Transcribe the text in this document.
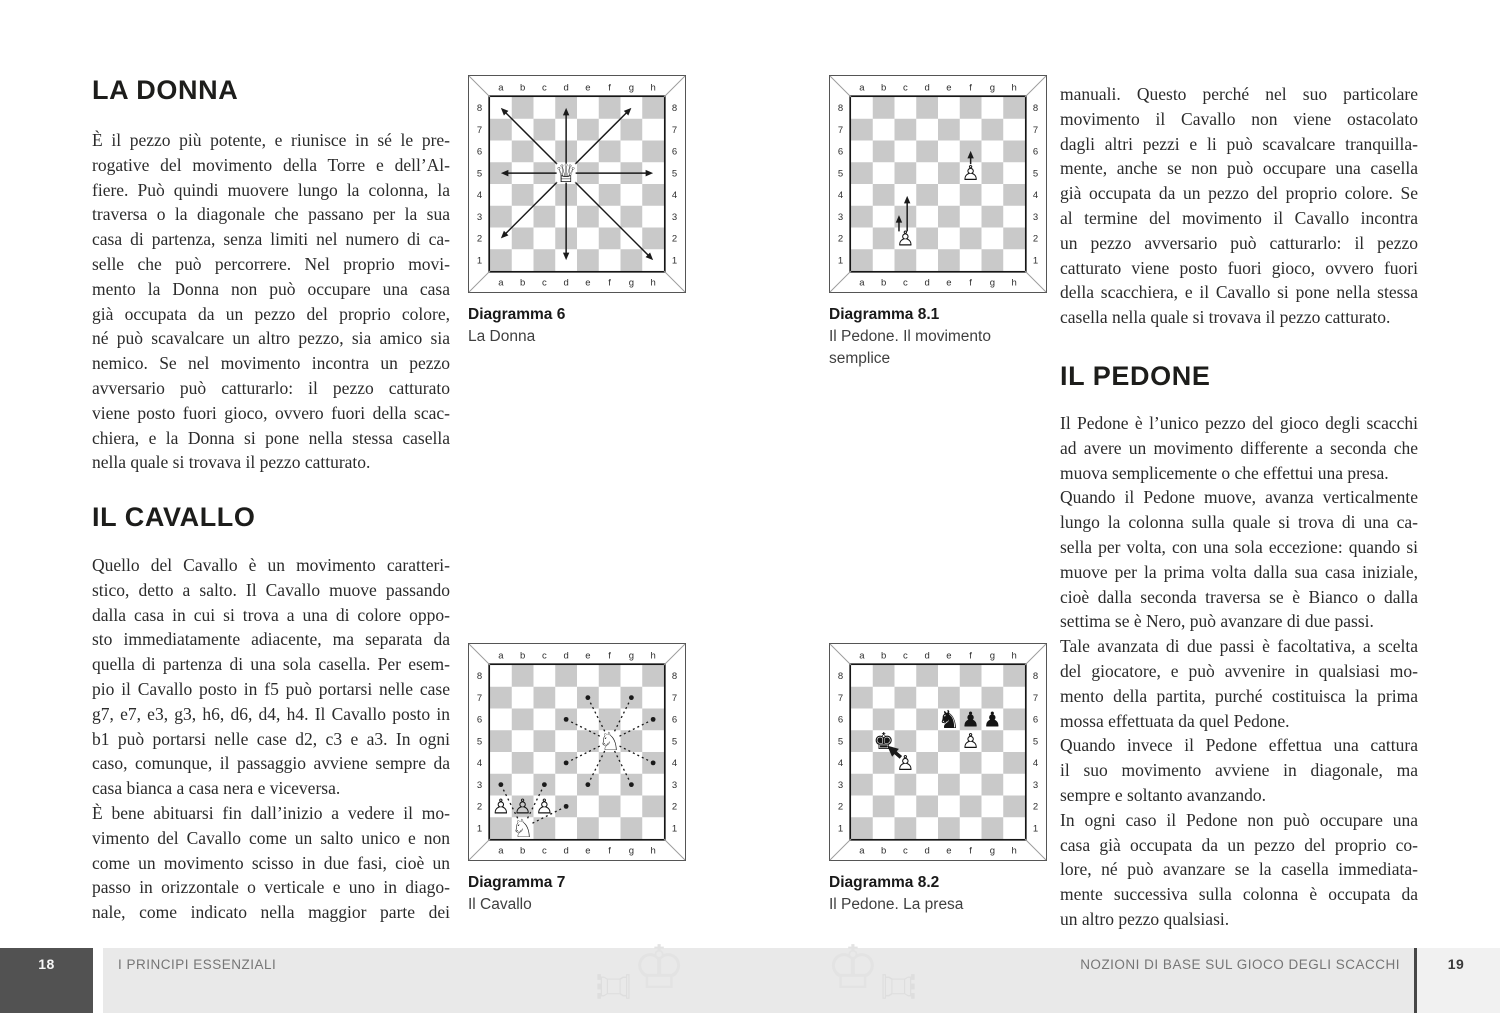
LA DONNA
È il pezzo più potente, e riunisce in sé le pre-
rogative del movimento della Torre e dell’Al-
fiere. Può quindi muovere lungo la colonna, la
traversa o la diagonale che passano per la sua
casa di partenza, senza limiti nel numero di ca-
selle che può percorrere. Nel proprio movi-
mento la Donna non può occupare una casa
già occupata da un pezzo del proprio colore,
né può scavalcare un altro pezzo, sia amico sia
nemico. Se nel movimento incontra un pezzo
avversario può catturarlo: il pezzo catturato
viene posto fuori gioco, ovvero fuori della scac-
chiera, e la Donna si pone nella stessa casella
nella quale si trovava il pezzo catturato.
IL CAVALLO
Quello del Cavallo è un movimento caratteri-
stico, detto a salto. Il Cavallo muove passando
dalla casa in cui si trova a una di colore oppo-
sto immediatamente adiacente, ma separata da
quella di partenza di una sola casella. Per esem-
pio il Cavallo posto in f5 può portarsi nelle case
g7, e7, e3, g3, h6, d6, d4, h4. Il Cavallo posto in
b1 può portarsi nelle case d2, c3 e a3. In ogni
caso, comunque, il passaggio avviene sempre da
casa bianca a casa nera e viceversa.
È bene abituarsi fin dall’inizio a vedere il mo-
vimento del Cavallo come un salto unico e non
come un movimento scisso in due fasi, cioè un
passo in orizzontale o verticale e uno in diago-
nale, come indicato nella maggior parte dei
a
a
b
b
c
c
d
d
e
e
f
f
g
g
h
h
8	8
7	7
6	6
5	5
4	4
3	3
2	2
1	1
♕
Diagramma 6
La Donna
a
a
b
b
c
c
d
d
e
e
f
f
g
g
h
h
8	8
7	7
6	6
5	5
4	4
3	3
2	2
1	1
♙
♙
Diagramma 8.1
Il Pedone. Il movimento semplice
a
a
b
b
c
c
d
d
e
e
f
f
g
g
h
h
8	8
7	7
6	6
5	5
4	4
3	3
2	2
1	1
♘
♘
♙ ♙ ♙
Diagramma 7
Il Cavallo
a
a
b
b
c
c
d
d
e
e
f
f
g
g
h
h
8	8
7	7
6	6
5	5
4	4
3	3
2	2
1	1
♚
♙
♞ ♟ ♟
♙
Diagramma 8.2
Il Pedone. La presa
manuali. Questo perché nel suo particolare
movimento il Cavallo non viene ostacolato
dagli altri pezzi e li può scavalcare tranquilla-
mente, anche se non può occupare una casella
già occupata da un pezzo del proprio colore. Se
al termine del movimento il Cavallo incontra
un pezzo avversario può catturarlo: il pezzo
catturato viene posto fuori gioco, ovvero fuori
della scacchiera, e il Cavallo si pone nella stessa
casella nella quale si trovava il pezzo catturato.
IL PEDONE
Il Pedone è l’unico pezzo del gioco degli scacchi
ad avere un movimento differente a seconda che
muova semplicemente o che effettui una presa.
Quando il Pedone muove, avanza verticalmente
lungo la colonna sulla quale si trova di una ca-
sella per volta, con una sola eccezione: quando si
muove per la prima volta dalla sua casa iniziale,
cioè dalla seconda traversa se è Bianco o dalla
settima se è Nero, può avanzare di due passi.
Tale avanzata di due passi è facoltativa, a scelta
del giocatore, e può avvenire in qualsiasi mo-
mento della partita, purché costituisca la prima
mossa effettuata da quel Pedone.
Quando invece il Pedone effettua una cattura
il suo movimento avviene in diagonale, ma
sempre e soltanto avanzando.
In ogni caso il Pedone non può occupare una
casa già occupata da un pezzo del proprio co-
lore, né può avanzare se la casella immediata-
mente successiva sulla colonna è occupata da
un altro pezzo qualsiasi.
♖
♔	♖
♔
18	I PRINCIPI ESSENZIALI	NOZIONI DI BASE SUL GIOCO DEGLI SCACCHI	19
